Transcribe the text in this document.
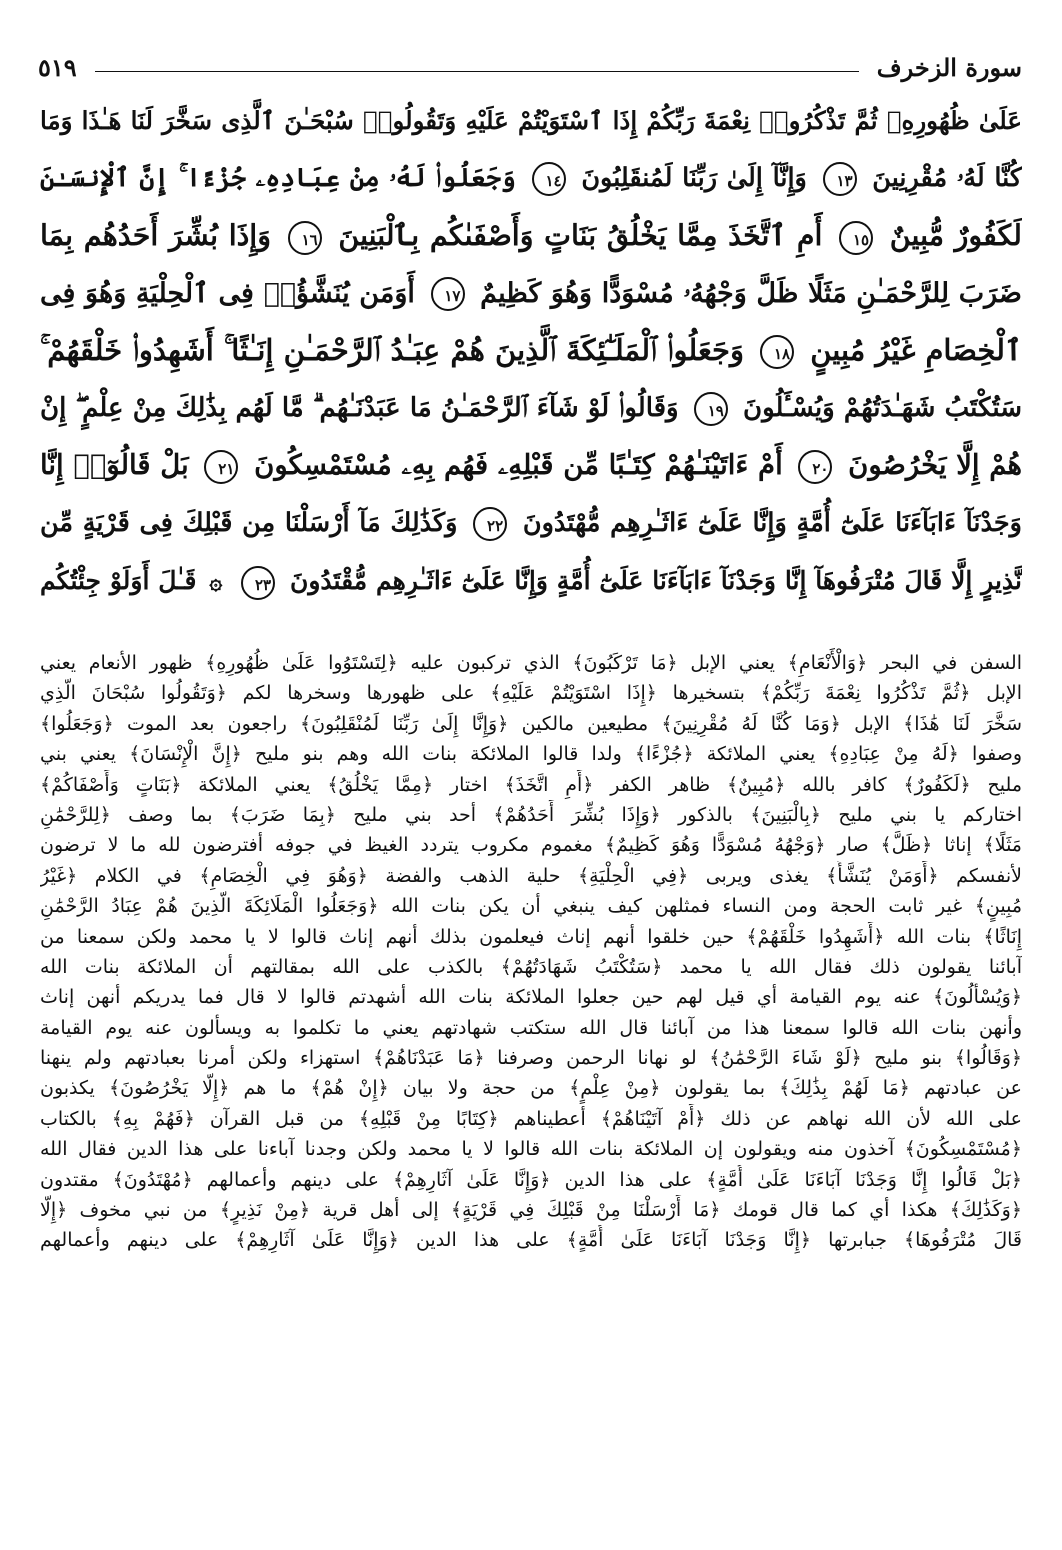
سورة الزخرف
٥١٩
عَلَىٰ ظُهُورِهِۦ ثُمَّ تَذْكُرُوا۟ نِعْمَةَ رَبِّكُمْ إِذَا ٱسْتَوَيْتُمْ عَلَيْهِ وَتَقُولُوا۟ سُبْحَـٰنَ ٱلَّذِى سَخَّرَ لَنَا هَـٰذَا وَمَا
كُنَّا لَهُۥ مُقْرِنِينَ ١٣ وَإِنَّآ إِلَىٰ رَبِّنَا لَمُنقَلِبُونَ ١٤ وَجَعَلُوا۟ لَهُۥ مِنْ عِبَادِهِۦ جُزْءًا ۚ إِنَّ ٱلْإِنسَـٰنَ
لَكَفُورٌ مُّبِينٌ ١٥ أَمِ ٱتَّخَذَ مِمَّا يَخْلُقُ بَنَاتٍ وَأَصْفَىٰكُم بِٱلْبَنِينَ ١٦ وَإِذَا بُشِّرَ أَحَدُهُم بِمَا
ضَرَبَ لِلرَّحْمَـٰنِ مَثَلًا ظَلَّ وَجْهُهُۥ مُسْوَدًّا وَهُوَ كَظِيمٌ ١٧ أَوَمَن يُنَشَّؤُا۟ فِى ٱلْحِلْيَةِ وَهُوَ فِى
ٱلْخِصَامِ غَيْرُ مُبِينٍ ١٨ وَجَعَلُوا۟ ٱلْمَلَـٰٓئِكَةَ ٱلَّذِينَ هُمْ عِبَـٰدُ ٱلرَّحْمَـٰنِ إِنَـٰثًا ۚ أَشَهِدُوا۟ خَلْقَهُمْ ۚ
سَتُكْتَبُ شَهَـٰدَتُهُمْ وَيُسْـَٔلُونَ ١٩ وَقَالُوا۟ لَوْ شَآءَ ٱلرَّحْمَـٰنُ مَا عَبَدْنَـٰهُم ۗ مَّا لَهُم بِذَٰلِكَ مِنْ عِلْمٍ ۖ إِنْ
هُمْ إِلَّا يَخْرُصُونَ ٢٠ أَمْ ءَاتَيْنَـٰهُمْ كِتَـٰبًا مِّن قَبْلِهِۦ فَهُم بِهِۦ مُسْتَمْسِكُونَ ٢١ بَلْ قَالُوٓا۟ إِنَّا
وَجَدْنَآ ءَابَآءَنَا عَلَىٰٓ أُمَّةٍ وَإِنَّا عَلَىٰٓ ءَاثَـٰرِهِم مُّهْتَدُونَ ٢٢ وَكَذَٰلِكَ مَآ أَرْسَلْنَا مِن قَبْلِكَ فِى قَرْيَةٍ مِّن
نَّذِيرٍ إِلَّا قَالَ مُتْرَفُوهَآ إِنَّا وَجَدْنَآ ءَابَآءَنَا عَلَىٰٓ أُمَّةٍ وَإِنَّا عَلَىٰٓ ءَاثَـٰرِهِم مُّقْتَدُونَ ٢٣ ۞ قَـٰلَ أَوَلَوْ جِئْتُكُم
السفن في البحر ﴿وَالْأَنْعَامِ﴾ يعني الإبل ﴿مَا تَرْكَبُونَ﴾ الذي تركبون عليه ﴿لِتَسْتَوُوا عَلَىٰ ظُهُورِهِ﴾ ظهور الأنعام يعني
الإبل ﴿ثُمَّ تَذْكُرُوا نِعْمَةَ رَبِّكُمْ﴾ بتسخيرها ﴿إِذَا اسْتَوَيْتُمْ عَلَيْهِ﴾ على ظهورها وسخرها لكم ﴿وَتَقُولُوا سُبْحَانَ الَّذِي
سَخَّرَ لَنَا هَٰذَا﴾ الإبل ﴿وَمَا كُنَّا لَهُ مُقْرِنِينَ﴾ مطيعين مالكين ﴿وَإِنَّا إِلَىٰ رَبِّنَا لَمُنْقَلِبُونَ﴾ راجعون بعد الموت ﴿وَجَعَلُوا﴾
وصفوا ﴿لَهُ مِنْ عِبَادِهِ﴾ يعني الملائكة ﴿جُزْءًا﴾ ولدا قالوا الملائكة بنات الله وهم بنو مليح ﴿إِنَّ الْإِنْسَانَ﴾ يعني بني
مليح ﴿لَكَفُورٌ﴾ كافر بالله ﴿مُبِينٌ﴾ ظاهر الكفر ﴿أَمِ اتَّخَذَ﴾ اختار ﴿مِمَّا يَخْلُقُ﴾ يعني الملائكة ﴿بَنَاتٍ وَأَصْفَاكُمْ﴾
اختاركم يا بني مليح ﴿بِالْبَنِينَ﴾ بالذكور ﴿وَإِذَا بُشِّرَ أَحَدُهُمْ﴾ أحد بني مليح ﴿بِمَا ضَرَبَ﴾ بما وصف ﴿لِلرَّحْمَٰنِ
مَثَلًا﴾ إناثا ﴿ظَلَّ﴾ صار ﴿وَجْهُهُ مُسْوَدًّا وَهُوَ كَظِيمٌ﴾ مغموم مكروب يتردد الغيظ في جوفه أفترضون لله ما لا ترضون
لأنفسكم ﴿أَوَمَنْ يُنَشَّأُ﴾ يغذى ويربى ﴿فِي الْحِلْيَةِ﴾ حلية الذهب والفضة ﴿وَهُوَ فِي الْخِصَامِ﴾ في الكلام ﴿غَيْرُ
مُبِينٍ﴾ غير ثابت الحجة ومن النساء فمثلهن كيف ينبغي أن يكن بنات الله ﴿وَجَعَلُوا الْمَلَائِكَةَ الَّذِينَ هُمْ عِبَادُ الرَّحْمَٰنِ
إِنَاثًا﴾ بنات الله ﴿أَشَهِدُوا خَلْقَهُمْ﴾ حين خلقوا أنهم إناث فيعلمون بذلك أنهم إناث قالوا لا يا محمد ولكن سمعنا من
آبائنا يقولون ذلك فقال الله يا محمد ﴿سَتُكْتَبُ شَهَادَتُهُمْ﴾ بالكذب على الله بمقالتهم أن الملائكة بنات الله
﴿وَيُسْأَلُونَ﴾ عنه يوم القيامة أي قيل لهم حين جعلوا الملائكة بنات الله أشهدتم قالوا لا قال فما يدريكم أنهن إناث
وأنهن بنات الله قالوا سمعنا هذا من آبائنا قال الله ستكتب شهادتهم يعني ما تكلموا به ويسألون عنه يوم القيامة
﴿وَقَالُوا﴾ بنو مليح ﴿لَوْ شَاءَ الرَّحْمَٰنُ﴾ لو نهانا الرحمن وصرفنا ﴿مَا عَبَدْنَاهُمْ﴾ استهزاء ولكن أمرنا بعبادتهم ولم ينهنا
عن عبادتهم ﴿مَا لَهُمْ بِذَٰلِكَ﴾ بما يقولون ﴿مِنْ عِلْمٍ﴾ من حجة ولا بيان ﴿إِنْ هُمْ﴾ ما هم ﴿إِلَّا يَخْرُصُونَ﴾ يكذبون
على الله لأن الله نهاهم عن ذلك ﴿أَمْ آتَيْنَاهُمْ﴾ أعطيناهم ﴿كِتَابًا مِنْ قَبْلِهِ﴾ من قبل القرآن ﴿فَهُمْ بِهِ﴾ بالكتاب
﴿مُسْتَمْسِكُونَ﴾ آخذون منه ويقولون إن الملائكة بنات الله قالوا لا يا محمد ولكن وجدنا آباءنا على هذا الدين فقال الله
﴿بَلْ قَالُوا إِنَّا وَجَدْنَا آبَاءَنَا عَلَىٰ أُمَّةٍ﴾ على هذا الدين ﴿وَإِنَّا عَلَىٰ آثَارِهِمْ﴾ على دينهم وأعمالهم ﴿مُهْتَدُونَ﴾ مقتدون
﴿وَكَذَٰلِكَ﴾ هكذا أي كما قال قومك ﴿مَا أَرْسَلْنَا مِنْ قَبْلِكَ فِي قَرْيَةٍ﴾ إلى أهل قرية ﴿مِنْ نَذِيرٍ﴾ من نبي مخوف ﴿إِلَّا
قَالَ مُتْرَفُوهَا﴾ جبابرتها ﴿إِنَّا وَجَدْنَا آبَاءَنَا عَلَىٰ أُمَّةٍ﴾ على هذا الدين ﴿وَإِنَّا عَلَىٰ آثَارِهِمْ﴾ على دينهم وأعمالهم
